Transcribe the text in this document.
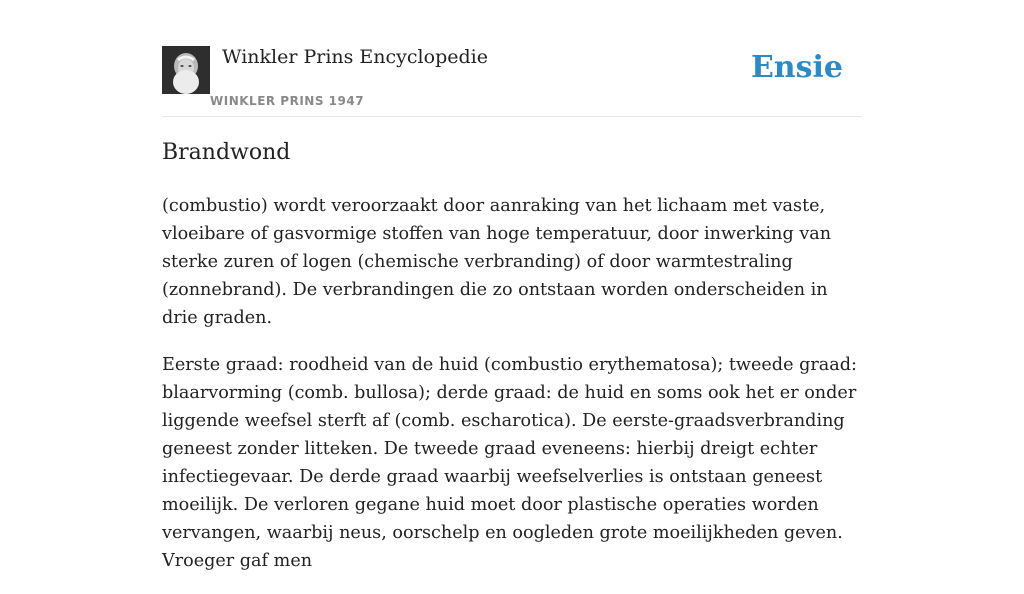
Winkler Prins Encyclopedie
WINKLER PRINS 1947
Ensie
Brandwond

(combustio) wordt veroorzaakt door aanraking van het lichaam met vaste, vloeibare of gasvormige stoffen van hoge temperatuur, door inwerking van sterke zuren of logen (chemische verbranding) of door warmtestraling (zonnebrand). De verbrandingen die zo ontstaan worden onderscheiden in drie graden.

Eerste graad: roodheid van de huid (combustio erythematosa); tweede graad: blaarvorming (comb. bullosa); derde graad: de huid en soms ook het er onder liggende weefsel sterft af (comb. escharotica). De eerste-graadsverbranding geneest zonder litteken. De tweede graad eveneens: hierbij dreigt echter infectiegevaar. De derde graad waarbij weefselverlies is ontstaan geneest moeilijk. De verloren gegane huid moet door plastische operaties worden vervangen, waarbij neus, oorschelp en oogleden grote moeilijkheden geven. Vroeger gaf men
